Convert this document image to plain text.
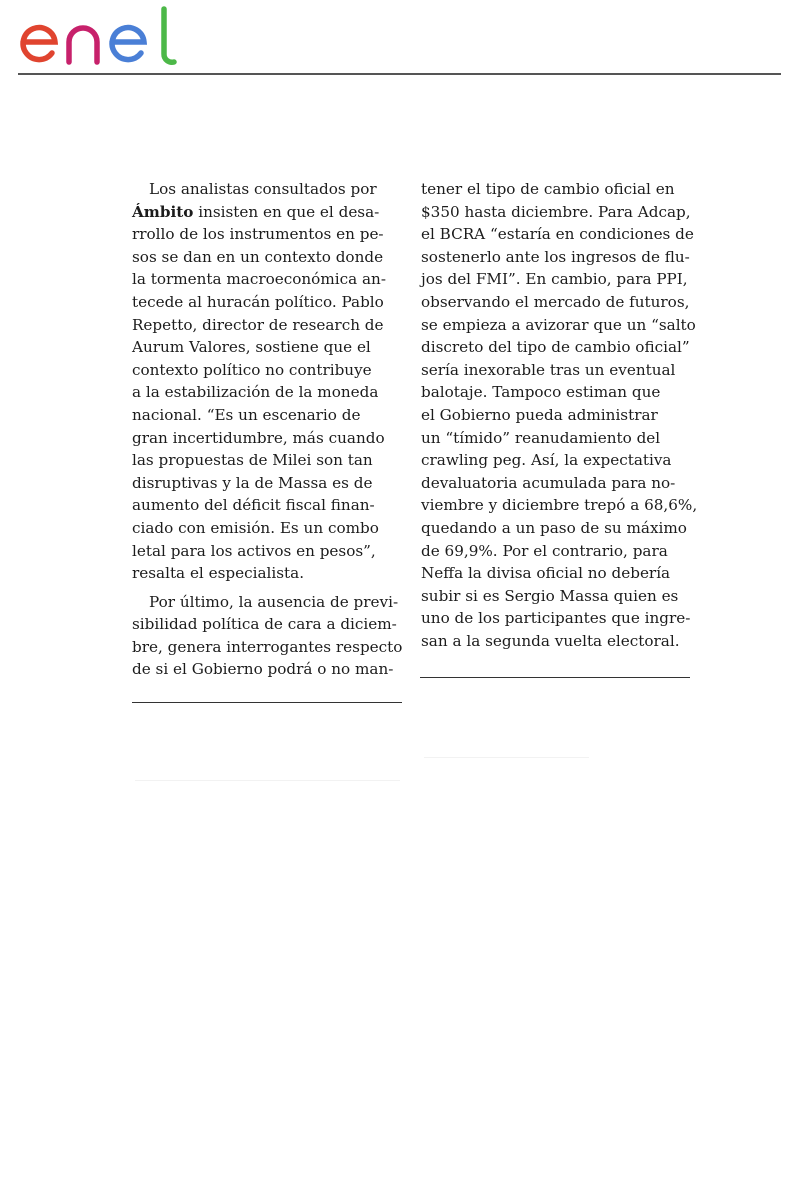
enel
Los analistas consultados por
Ámbito insisten en que el desa-
rrollo de los instrumentos en pe-
sos se dan en un contexto donde
la tormenta macroeconómica an-
tecede al huracán político. Pablo
Repetto, director de research de
Aurum Valores, sostiene que el
contexto político no contribuye
a la estabilización de la moneda
nacional. “Es un escenario de
gran incertidumbre, más cuando
las propuestas de Milei son tan
disruptivas y la de Massa es de
aumento del déficit fiscal finan-
ciado con emisión. Es un combo
letal para los activos en pesos”,
resalta el especialista.
Por último, la ausencia de previ-
sibilidad política de cara a diciem-
bre, genera interrogantes respecto
de si el Gobierno podrá o no man-
tener el tipo de cambio oficial en
$350 hasta diciembre. Para Adcap,
el BCRA “estaría en condiciones de
sostenerlo ante los ingresos de flu-
jos del FMI”. En cambio, para PPI,
observando el mercado de futuros,
se empieza a avizorar que un “salto
discreto del tipo de cambio oficial”
sería inexorable tras un eventual
balotaje. Tampoco estiman que
el Gobierno pueda administrar
un “tímido” reanudamiento del
crawling peg. Así, la expectativa
devaluatoria acumulada para no-
viembre y diciembre trepó a 68,6%,
quedando a un paso de su máximo
de 69,9%. Por el contrario, para
Neffa la divisa oficial no debería
subir si es Sergio Massa quien es
uno de los participantes que ingre-
san a la segunda vuelta electoral.
